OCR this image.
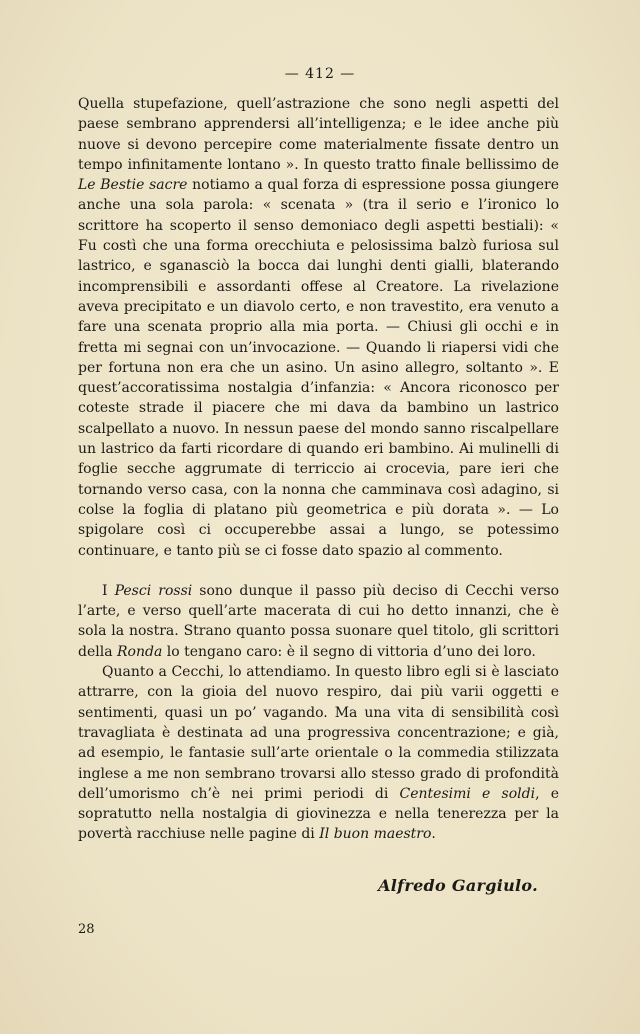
— 412 —

Quella stupefazione, quell’astrazione che sono negli aspetti del paese sembrano apprendersi all’intelligenza; e le idee anche più nuove si devono percepire come materialmente fissate dentro un tempo infinitamente lontano ». In questo tratto finale bellissimo de Le Bestie sacre notiamo a qual forza di espressione possa giungere anche una sola parola: « scenata » (tra il serio e l’ironico lo scrittore ha scoperto il senso demoniaco degli aspetti bestiali): « Fu costì che una forma orecchiuta e pelosissima balzò furiosa sul lastrico, e sganasciò la bocca dai lunghi denti gialli, blaterando incomprensibili e assordanti offese al Creatore. La rivelazione aveva precipitato e un diavolo certo, e non travestito, era venuto a fare una scenata proprio alla mia porta. — Chiusi gli occhi e in fretta mi segnai con un’invocazione. — Quando li riapersi vidi che per fortuna non era che un asino. Un asino allegro, soltanto ». E quest’accoratissima nostalgia d’infanzia: « Ancora riconosco per coteste strade il piacere che mi dava da bambino un lastrico scalpellato a nuovo. In nessun paese del mondo sanno riscalpellare un lastrico da farti ricordare di quando eri bambino. Ai mulinelli di foglie secche aggrumate di terriccio ai crocevia, pare ieri che tornando verso casa, con la nonna che camminava così adagino, si colse la foglia di platano più geometrica e più dorata ». — Lo spigolare così ci occuperebbe assai a lungo, se potessimo continuare, e tanto più se ci fosse dato spazio al commento.

I Pesci rossi sono dunque il passo più deciso di Cecchi verso l’arte, e verso quell’arte macerata di cui ho detto innanzi, che è sola la nostra. Strano quanto possa suonare quel titolo, gli scrittori della Ronda lo tengano caro: è il segno di vittoria d’uno dei loro.

Quanto a Cecchi, lo attendiamo. In questo libro egli si è lasciato attrarre, con la gioia del nuovo respiro, dai più varii oggetti e sentimenti, quasi un po’ vagando. Ma una vita di sensibilità così travagliata è destinata ad una progressiva concentrazione; e già, ad esempio, le fantasie sull’arte orientale o la commedia stilizzata inglese a me non sembrano trovarsi allo stesso grado di profondità dell’umorismo ch’è nei primi periodi di Centesimi e soldi, e sopratutto nella nostalgia di giovinezza e nella tenerezza per la povertà racchiuse nelle pagine di Il buon maestro.

Alfredo Gargiulo.
28
